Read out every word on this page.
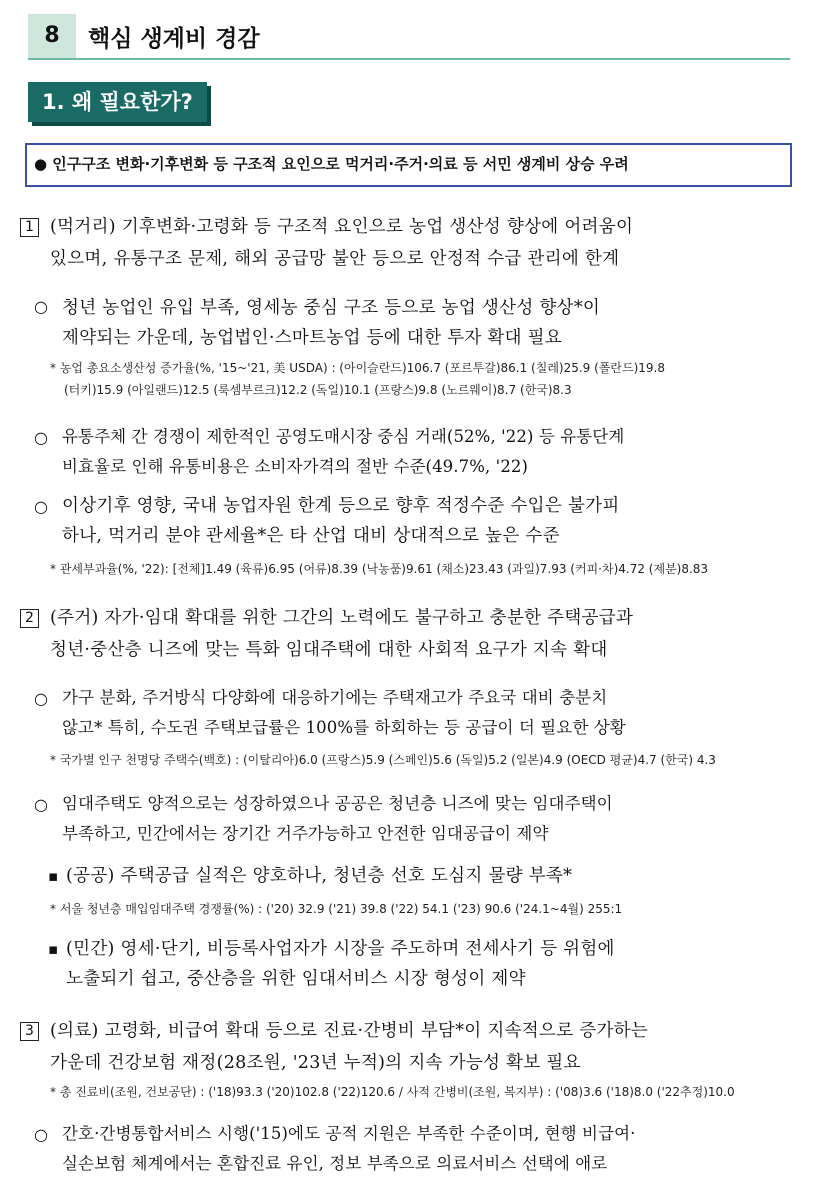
8	핵심 생계비 경감
1. 왜 필요한가?
● 인구구조 변화·기후변화 등 구조적 요인으로 먹거리·주거·의료 등 서민 생계비 상승 우려
1 (먹거리) 기후변화·고령화 등 구조적 요인으로 농업 생산성 향상에 어려움이
있으며, 유통구조 문제, 해외 공급망 불안 등으로 안정적 수급 관리에 한계
○ 청년 농업인 유입 부족, 영세농 중심 구조 등으로 농업 생산성 향상*이
제약되는 가운데, 농업법인·스마트농업 등에 대한 투자 확대 필요
* 농업 총요소생산성 증가율(%, '15~'21, 美 USDA) : (아이슬란드)106.7 (포르투갈)86.1 (칠레)25.9 (폴란드)19.8
(터키)15.9 (아일랜드)12.5 (룩셈부르크)12.2 (독일)10.1 (프랑스)9.8 (노르웨이)8.7 (한국)8.3
○ 유통주체 간 경쟁이 제한적인 공영도매시장 중심 거래(52%, '22) 등 유통단계
비효율로 인해 유통비용은 소비자가격의 절반 수준(49.7%, '22)
○ 이상기후 영향, 국내 농업자원 한계 등으로 향후 적정수준 수입은 불가피
하나, 먹거리 분야 관세율*은 타 산업 대비 상대적으로 높은 수준
* 관세부과율(%, '22): [전체]1.49 (육류)6.95 (어류)8.39 (낙농품)9.61 (채소)23.43 (과일)7.93 (커피·차)4.72 (제분)8.83
2 (주거) 자가·임대 확대를 위한 그간의 노력에도 불구하고 충분한 주택공급과
청년·중산층 니즈에 맞는 특화 임대주택에 대한 사회적 요구가 지속 확대
○ 가구 분화, 주거방식 다양화에 대응하기에는 주택재고가 주요국 대비 충분치
않고* 특히, 수도권 주택보급률은 100%를 하회하는 등 공급이 더 필요한 상황
* 국가별 인구 천명당 주택수(백호) : (이탈리아)6.0 (프랑스)5.9 (스페인)5.6 (독일)5.2 (일본)4.9 (OECD 평균)4.7 (한국) 4.3
○ 임대주택도 양적으로는 성장하였으나 공공은 청년층 니즈에 맞는 임대주택이
부족하고, 민간에서는 장기간 거주가능하고 안전한 임대공급이 제약
▪ (공공) 주택공급 실적은 양호하나, 청년층 선호 도심지 물량 부족*
* 서울 청년층 매입임대주택 경쟁률(%) : ('20) 32.9 ('21) 39.8 ('22) 54.1 ('23) 90.6 ('24.1~4월) 255:1
▪ (민간) 영세·단기, 비등록사업자가 시장을 주도하며 전세사기 등 위험에
노출되기 쉽고, 중산층을 위한 임대서비스 시장 형성이 제약
3 (의료) 고령화, 비급여 확대 등으로 진료·간병비 부담*이 지속적으로 증가하는
가운데 건강보험 재정(28조원, '23년 누적)의 지속 가능성 확보 필요
* 총 진료비(조원, 건보공단) : ('18)93.3 ('20)102.8 ('22)120.6 / 사적 간병비(조원, 복지부) : ('08)3.6 ('18)8.0 ('22추정)10.0
○ 간호·간병통합서비스 시행('15)에도 공적 지원은 부족한 수준이며, 현행 비급여·
실손보험 체계에서는 혼합진료 유인, 정보 부족으로 의료서비스 선택에 애로
